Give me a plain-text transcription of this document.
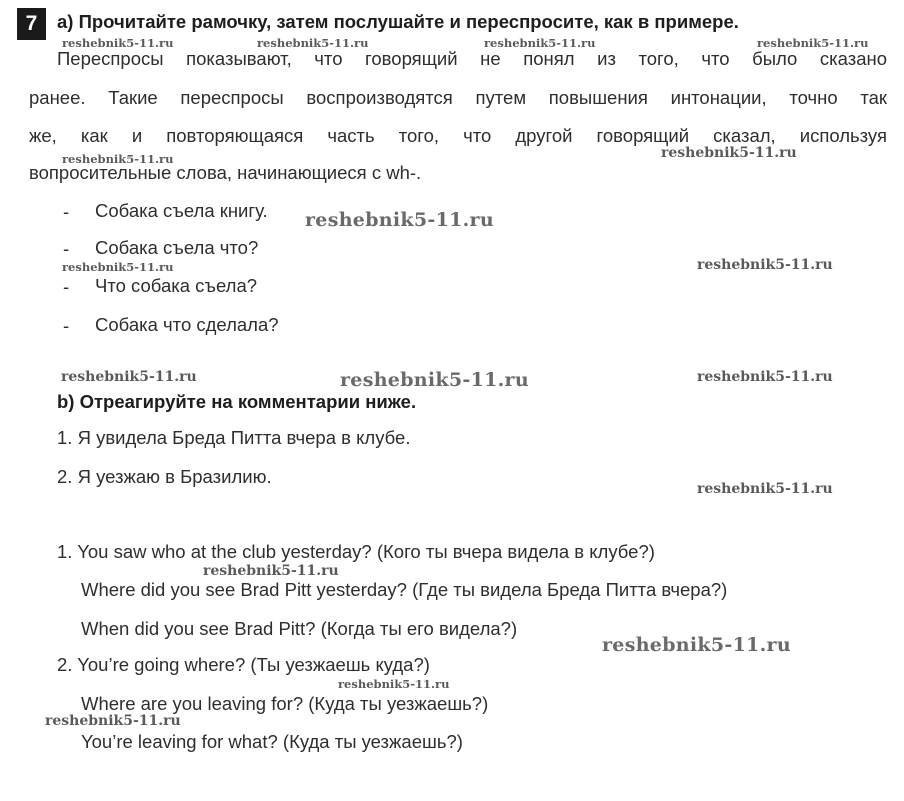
7	a) Прочитайте рамочку, затем послушайте и переспросите, как в примере.
Переспросы показывают, что говорящий не понял из того, что было сказано
ранее. Такие переспросы воспроизводятся путем повышения интонации, точно так
же, как и повторяющаяся часть того, что другой говорящий сказал, используя
вопросительные слова, начинающиеся с wh-.
- Собака съела книгу.
- Собака съела что?
- Что собака съела?
- Собака что сделала?
b) Отреагируйте на комментарии ниже.
1. Я увидела Бреда Питта вчера в клубе.
2. Я уезжаю в Бразилию.
1. You saw who at the club yesterday? (Кого ты вчера видела в клубе?)
Where did you see Brad Pitt yesterday? (Где ты видела Бреда Питта вчера?)
When did you see Brad Pitt? (Когда ты его видела?)
2. You’re going where? (Ты уезжаешь куда?)
Where are you leaving for? (Куда ты уезжаешь?)
You’re leaving for what? (Куда ты уезжаешь?)
reshebnik5-11.ru	reshebnik5-11.ru	reshebnik5-11.ru	reshebnik5-11.ru
reshebnik5-11.ru	reshebnik5-11.ru
reshebnik5-11.ru
reshebnik5-11.ru	reshebnik5-11.ru
reshebnik5-11.ru	reshebnik5-11.ru	reshebnik5-11.ru
reshebnik5-11.ru
reshebnik5-11.ru
reshebnik5-11.ru
reshebnik5-11.ru
reshebnik5-11.ru
